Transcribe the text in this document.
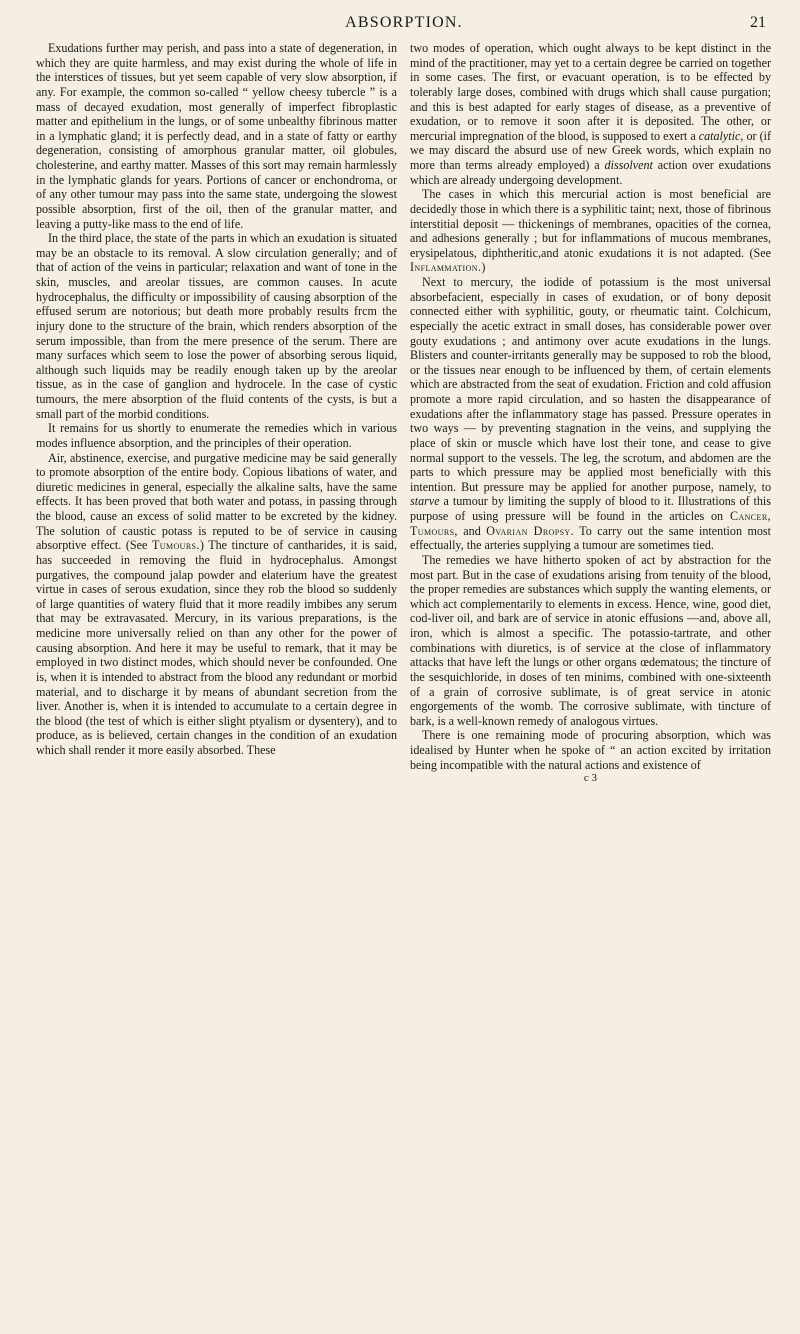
ABSORPTION.	21

Exudations further may perish, and pass into a state of degeneration, in which they are quite harmless, and may exist during the whole of life in the interstices of tissues, but yet seem capable of very slow absorption, if any. For example, the common so-called “ yellow cheesy tubercle ” is a mass of decayed exudation, most generally of imperfect fibroplastic matter and epithelium in the lungs, or of some unbealthy fibrinous matter in a lymphatic gland; it is perfectly dead, and in a state of fatty or earthy degeneration, consisting of amorphous granular matter, oil globules, cholesterine, and earthy matter. Masses of this sort may remain harmlessly in the lymphatic glands for years. Portions of cancer or enchondroma, or of any other tumour may pass into the same state, undergoing the slowest possible absorption, first of the oil, then of the granular matter, and leaving a putty-like mass to the end of life.

In the third place, the state of the parts in which an exudation is situated may be an obstacle to its removal. A slow circulation generally; and of that of action of the veins in particular; relaxation and want of tone in the skin, muscles, and areolar tissues, are common causes. In acute hydrocephalus, the difficulty or impossibility of causing absorption of the effused serum are notorious; but death more probably results frcm the injury done to the structure of the brain, which renders absorption of the serum impossible, than from the mere presence of the serum. There are many surfaces which seem to lose the power of absorbing serous liquid, although such liquids may be readily enough taken up by the areolar tissue, as in the case of ganglion and hydrocele. In the case of cystic tumours, the mere absorption of the fluid contents of the cysts, is but a small part of the morbid conditions.

It remains for us shortly to enumerate the remedies which in various modes influence absorption, and the principles of their operation.

Air, abstinence, exercise, and purgative medicine may be said generally to promote absorption of the entire body. Copious libations of water, and diuretic medicines in general, especially the alkaline salts, have the same effects. It has been proved that both water and potass, in passing through the blood, cause an excess of solid matter to be excreted by the kidney. The solution of caustic potass is reputed to be of service in causing absorptive effect. (See Tumours.) The tincture of cantharides, it is said, has succeeded in removing the fluid in hydrocephalus. Amongst purgatives, the compound jalap powder and elaterium have the greatest virtue in cases of serous exudation, since they rob the blood so suddenly of large quantities of watery fluid that it more readily imbibes any serum that may be extravasated. Mercury, in its various preparations, is the medicine more universally relied on than any other for the power of causing absorption. And here it may be useful to remark, that it may be employed in two distinct modes, which should never be confounded. One is, when it is intended to abstract from the blood any redundant or morbid material, and to discharge it by means of abundant secretion from the liver. Another is, when it is intended to accumulate to a certain degree in the blood (the test of which is either slight ptyalism or dysentery), and to produce, as is believed, certain changes in the condition of an exudation which shall render it more easily absorbed. These

two modes of operation, which ought always to be kept distinct in the mind of the practitioner, may yet to a certain degree be carried on together in some cases. The first, or evacuant operation, is to be effected by tolerably large doses, combined with drugs which shall cause purgation; and this is best adapted for early stages of disease, as a preventive of exudation, or to remove it soon after it is deposited. The other, or mercurial impregnation of the blood, is supposed to exert a catalytic, or (if we may discard the absurd use of new Greek words, which explain no more than terms already employed) a dissolvent action over exudations which are already undergoing development.

The cases in which this mercurial action is most beneficial are decidedly those in which there is a syphilitic taint; next, those of fibrinous interstitial deposit — thickenings of membranes, opacities of the cornea, and adhesions generally ; but for inflammations of mucous membranes, erysipelatous, diphtheritic,and atonic exudations it is not adapted. (See Inflammation.)

Next to mercury, the iodide of potassium is the most universal absorbefacient, especially in cases of exudation, or of bony deposit connected either with syphilitic, gouty, or rheumatic taint. Colchicum, especially the acetic extract in small doses, has considerable power over gouty exudations ; and antimony over acute exudations in the lungs. Blisters and counter-irritants generally may be supposed to rob the blood, or the tissues near enough to be influenced by them, of certain elements which are abstracted from the seat of exudation. Friction and cold affusion promote a more rapid circulation, and so hasten the disappearance of exudations after the inflammatory stage has passed. Pressure operates in two ways — by preventing stagnation in the veins, and supplying the place of skin or muscle which have lost their tone, and cease to give normal support to the vessels. The leg, the scrotum, and abdomen are the parts to which pressure may be applied most beneficially with this intention. But pressure may be applied for another purpose, namely, to starve a tumour by limiting the supply of blood to it. Illustrations of this purpose of using pressure will be found in the articles on Cancer, Tumours, and Ovarian Dropsy. To carry out the same intention most effectually, the arteries supplying a tumour are sometimes tied.

The remedies we have hitherto spoken of act by abstraction for the most part. But in the case of exudations arising from tenuity of the blood, the proper remedies are substances which supply the wanting elements, or which act complementarily to elements in excess. Hence, wine, good diet, cod-liver oil, and bark are of service in atonic effusions —and, above all, iron, which is almost a specific. The potassio-tartrate, and other combinations with diuretics, is of service at the close of inflammatory attacks that have left the lungs or other organs œdematous; the tincture of the sesquichloride, in doses of ten minims, combined with one-sixteenth of a grain of corrosive sublimate, is of great service in atonic engorgements of the womb. The corrosive sublimate, with tincture of bark, is a well-known remedy of analogous virtues.

There is one remaining mode of procuring absorption, which was idealised by Hunter when he spoke of “ an action excited by irritation being incompatible with the natural actions and existence of

c 3
